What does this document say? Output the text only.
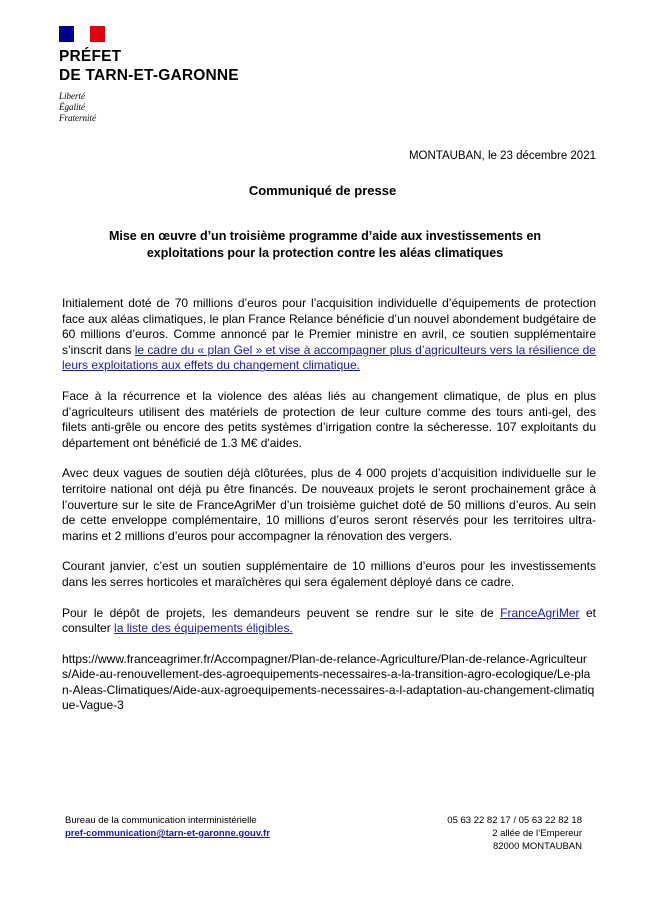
PRÉFET
DE TARN-ET-GARONNE
Liberté
Égalité
Fraternité
MONTAUBAN, le 23 décembre 2021
Communiqué de presse
Mise en œuvre d’un troisième programme d’aide aux investissements en exploitations pour la protection contre les aléas climatiques

Initialement doté de 70 millions d’euros pour l’acquisition individuelle d’équipements de protection face aux aléas climatiques, le plan France Relance bénéficie d’un nouvel abondement budgétaire de 60 millions d’euros. Comme annoncé par le Premier ministre en avril, ce soutien supplémentaire s’inscrit dans le cadre du « plan Gel » et vise à accompagner plus d’agriculteurs vers la résilience de leurs exploitations aux effets du changement climatique.

Face à la récurrence et la violence des aléas liés au changement climatique, de plus en plus d’agriculteurs utilisent des matériels de protection de leur culture comme des tours anti-gel, des filets anti-grêle ou encore des petits systèmes d’irrigation contre la sécheresse. 107 exploitants du département ont bénéficié de 1.3 M€ d'aides.

Avec deux vagues de soutien déjà clôturées, plus de 4 000 projets d’acquisition individuelle sur le territoire national ont déjà pu être financés. De nouveaux projets le seront prochainement grâce à l’ouverture sur le site de FranceAgriMer d’un troisième guichet doté de 50 millions d’euros. Au sein de cette enveloppe complémentaire, 10 millions d’euros seront réservés pour les territoires ultra-marins et 2 millions d’euros pour accompagner la rénovation des vergers.

Courant janvier, c’est un soutien supplémentaire de 10 millions d’euros pour les investissements dans les serres horticoles et maraîchères qui sera également déployé dans ce cadre.

Pour le dépôt de projets, les demandeurs peuvent se rendre sur le site de FranceAgriMer et consulter la liste des équipements éligibles.

https://www.franceagrimer.fr/Accompagner/Plan-de-relance-Agriculture/Plan-de-relance-Agriculteurs/Aide-au-renouvellement-des-agroequipements-necessaires-a-la-transition-agro-ecologique/Le-plan-Aleas-Climatiques/Aide-aux-agroequipements-necessaires-a-l-adaptation-au-changement-climatique-Vague-3

Bureau de la communication interministérielle
pref-communication@tarn-et-garonne.gouv.fr
05 63 22 82 17 / 05 63 22 82 18
2 allée de l’Empereur
82000 MONTAUBAN
